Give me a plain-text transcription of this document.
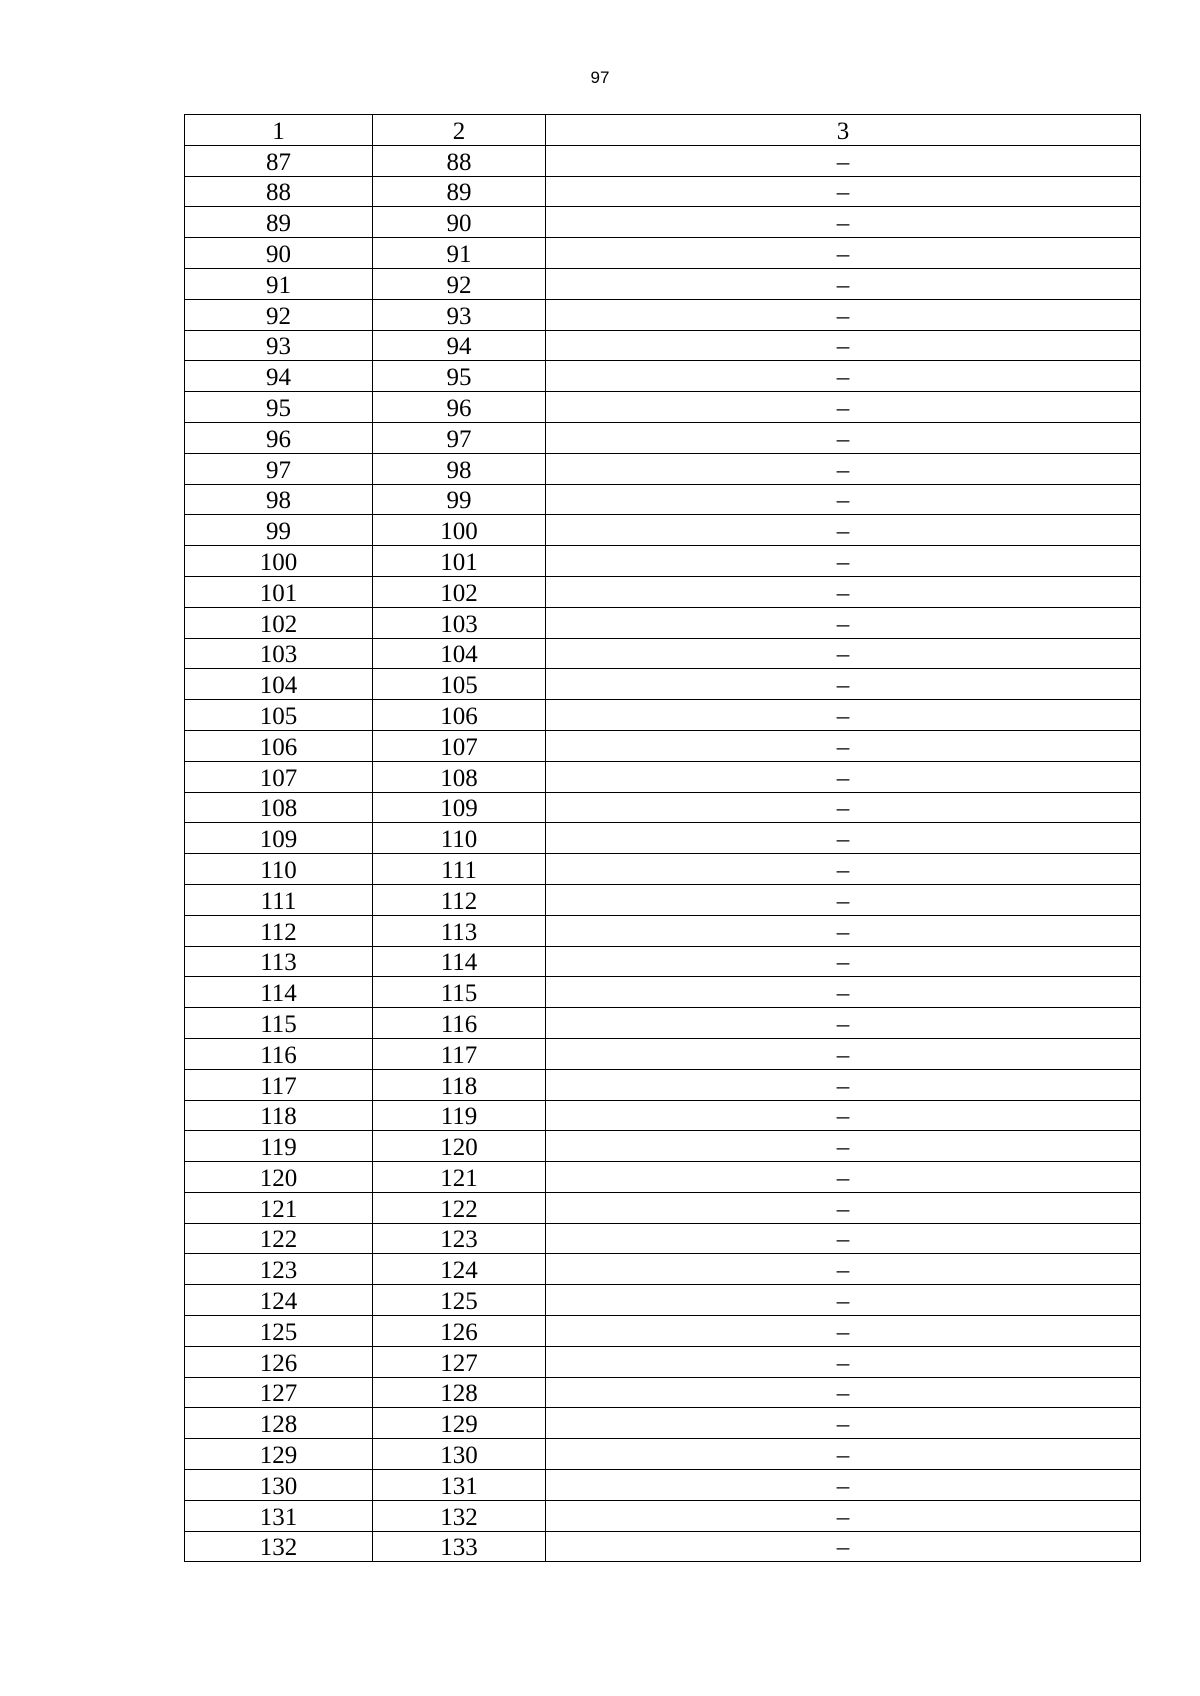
97
1	2	3
87	88	–
88	89	–
89	90	–
90	91	–
91	92	–
92	93	–
93	94	–
94	95	–
95	96	–
96	97	–
97	98	–
98	99	–
99	100	–
100	101	–
101	102	–
102	103	–
103	104	–
104	105	–
105	106	–
106	107	–
107	108	–
108	109	–
109	110	–
110	111	–
111	112	–
112	113	–
113	114	–
114	115	–
115	116	–
116	117	–
117	118	–
118	119	–
119	120	–
120	121	–
121	122	–
122	123	–
123	124	–
124	125	–
125	126	–
126	127	–
127	128	–
128	129	–
129	130	–
130	131	–
131	132	–
132	133	–
